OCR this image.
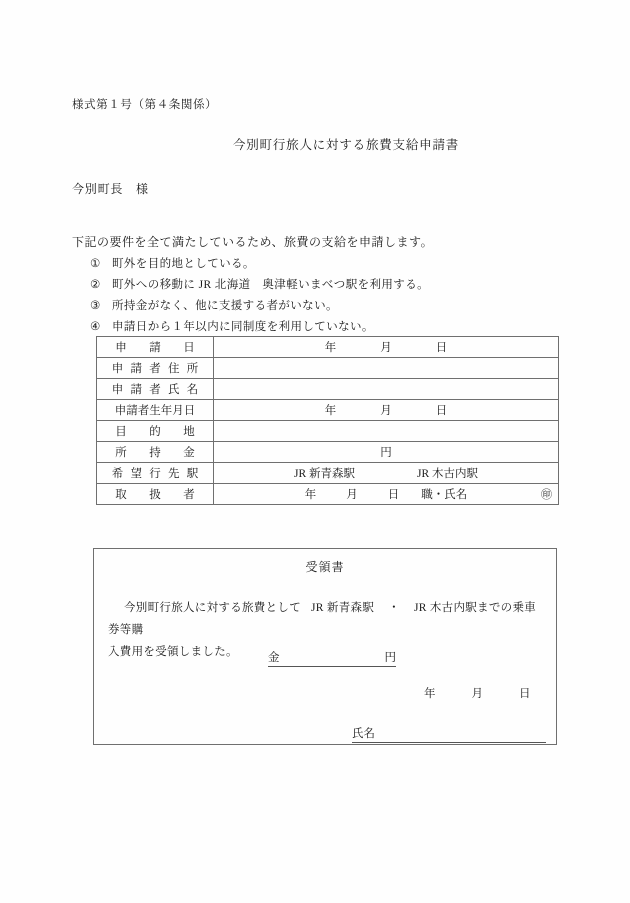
様式第１号（第４条関係）
今別町行旅人に対する旅費支給申請書
今別町長　様
下記の要件を全て満たしているため、旅費の支給を申請します。
① 町外を目的地としている。
② 町外への移動に JR 北海道　奥津軽いまべつ駅を利用する。
③ 所持金がなく、他に支援する者がいない。
④ 申請日から１年以内に同制度を利用していない。
申　請　日	年 月 日
申 請 者 住 所	
申 請 者 氏 名	
申請者生年月日	年 月 日
目　的　地	
所　持　金	円
希 望 行 先 駅	JR 新青森駅 JR 木古内駅
取　扱　者	年 月 日 職・氏名 ㊞
受領書
今別町行旅人に対する旅費として JR 新青森駅 ・ JR 木古内駅までの乗車券等購
入費用を受領しました。	金	円
年	月	日
氏名
